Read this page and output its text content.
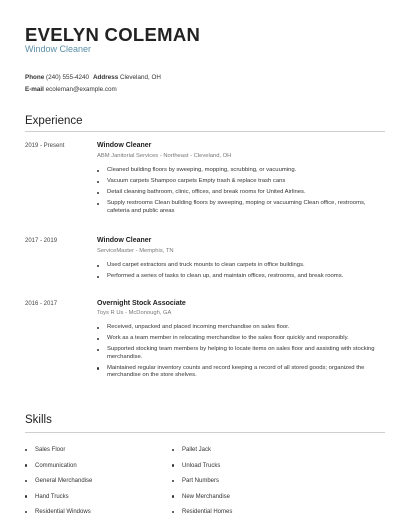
EVELYN COLEMAN
Window Cleaner
Phone (240) 555-4240 Address Cleveland, OH
E-mail ecoleman@example.com
Experience
2019 - Present	Window Cleaner
ABM Janitorial Services - Northeast - Cleveland, OH
Cleaned building floors by sweeping, mopping, scrubbing, or vacuuming.
Vacuum carpets Shampoo carpets Empty trash & replace trash cans
Detail cleaning bathroom, clinic, offices, and break rooms for United Airlines.
Supply restrooms Clean building floors by sweeping, moping or vacuuming Clean office, restrooms, cafeteria and public areas
2017 - 2019	Window Cleaner
ServiceMaster - Memphis, TN
Used carpet extractors and truck mounts to clean carpets in office buildings.
Performed a series of tasks to clean up, and maintain offices, restrooms, and break rooms.
2016 - 2017	Overnight Stock Associate
Toys R Us - McDonough, GA
Received, unpacked and placed incoming merchandise on sales floor.
Work as a team member in relocating merchandise to the sales floor quickly and responsibly.
Supported stocking team members by helping to locate items on sales floor and assisting with stocking merchandise.
Maintained regular inventory counts and record keeping a record of all stored goods; organized the merchandise on the store shelves.
Skills
Sales Floor
Communication
General Merchandise
Hand Trucks
Residential Windows
Pallet Jack
Unload Trucks
Part Numbers
New Merchandise
Residential Homes
